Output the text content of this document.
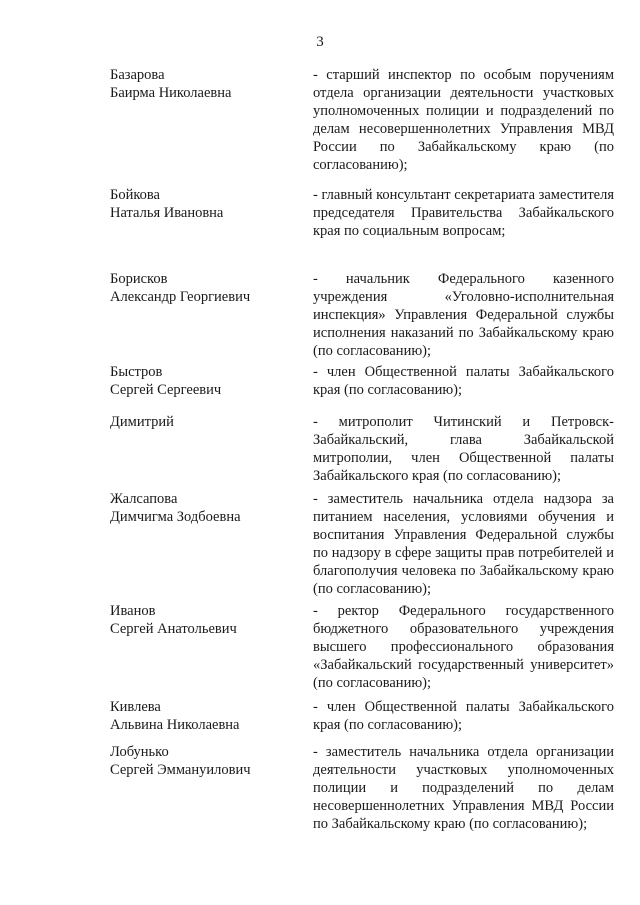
3
Базарова
Баирма Николаевна
- старший инспектор по особым поручениям отдела организации деятельности участковых уполномоченных полиции и подразделений по делам несовершеннолетних Управления МВД России по Забайкальскому краю (по согласованию);
Бойкова
Наталья Ивановна
- главный консультант секретариата заместителя председателя Правительства Забайкальского края по социальным вопросам;
Борисков
Александр Георгиевич
- начальник Федерального казенного учреждения «Уголовно-исполнительная инспекция» Управления Федеральной службы исполнения наказаний по Забайкальскому краю (по согласованию);
Быстров
Сергей Сергеевич
- член Общественной палаты Забайкальского края (по согласованию);
Димитрий	- митрополит Читинский и Петровск-Забайкальский, глава Забайкальской митрополии, член Общественной палаты Забайкальского края (по согласованию);
Жалсапова
Димчигма Зодбоевна
- заместитель начальника отдела надзора за питанием населения, условиями обучения и воспитания Управления Федеральной службы по надзору в сфере защиты прав потребителей и благополучия человека по Забайкальскому краю (по согласованию);
Иванов
Сергей Анатольевич
- ректор Федерального государственного бюджетного образовательного учреждения высшего профессионального образования «Забайкальский государственный университет» (по согласованию);
Кивлева
Альвина Николаевна
- член Общественной палаты Забайкальского края (по согласованию);
Лобунько
Сергей Эммануилович
- заместитель начальника отдела организации деятельности участковых уполномоченных полиции и подразделений по делам несовершеннолетних Управления МВД России по Забайкальскому краю (по согласованию);
